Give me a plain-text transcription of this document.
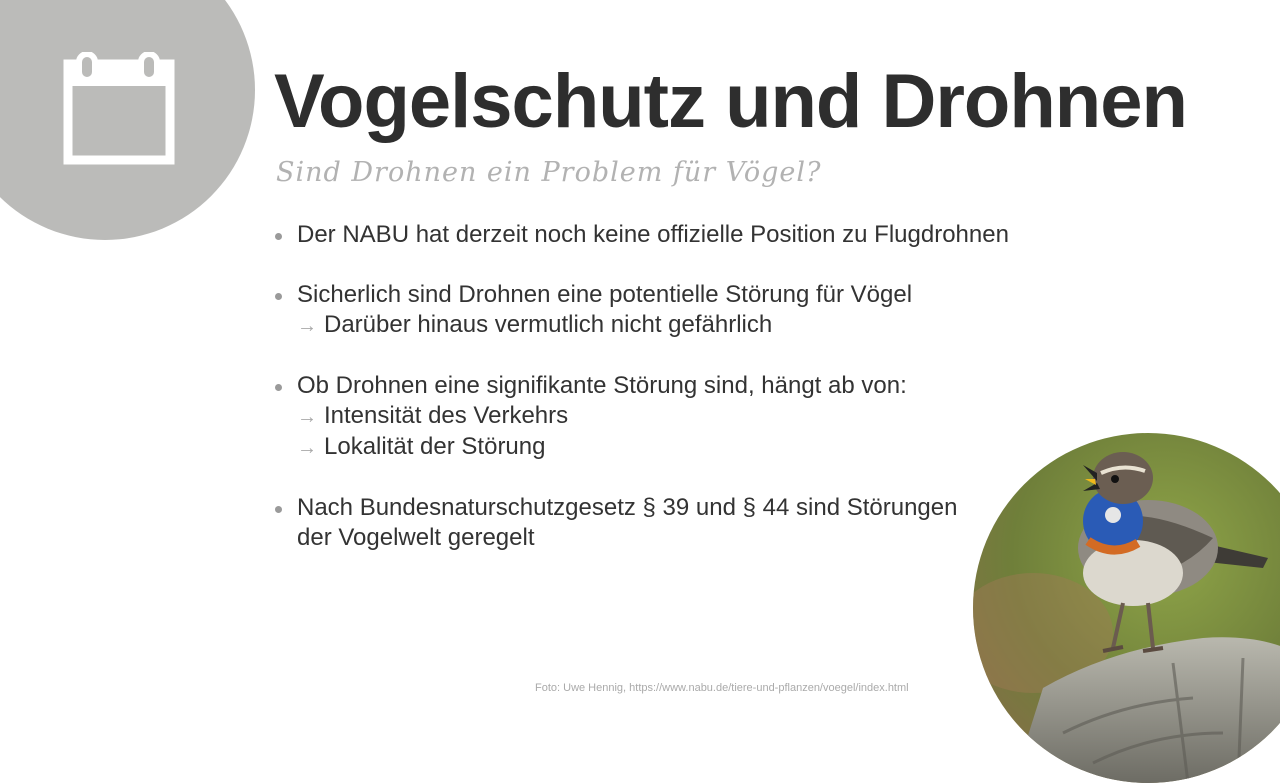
Vogelschutz und Drohnen
Sind Drohnen ein Problem für Vögel?
Der NABU hat derzeit noch keine offizielle Position zu Flugdrohnen
Sicherlich sind Drohnen eine potentielle Störung für Vögel
→ Darüber hinaus vermutlich nicht gefährlich
Ob Drohnen eine signifikante Störung sind, hängt ab von:
→ Intensität des Verkehrs
→ Lokalität der Störung
Nach Bundesnaturschutzgesetz § 39 und § 44 sind Störungen
der Vogelwelt geregelt
Foto: Uwe Hennig, https://www.nabu.de/tiere-und-pflanzen/voegel/index.html
